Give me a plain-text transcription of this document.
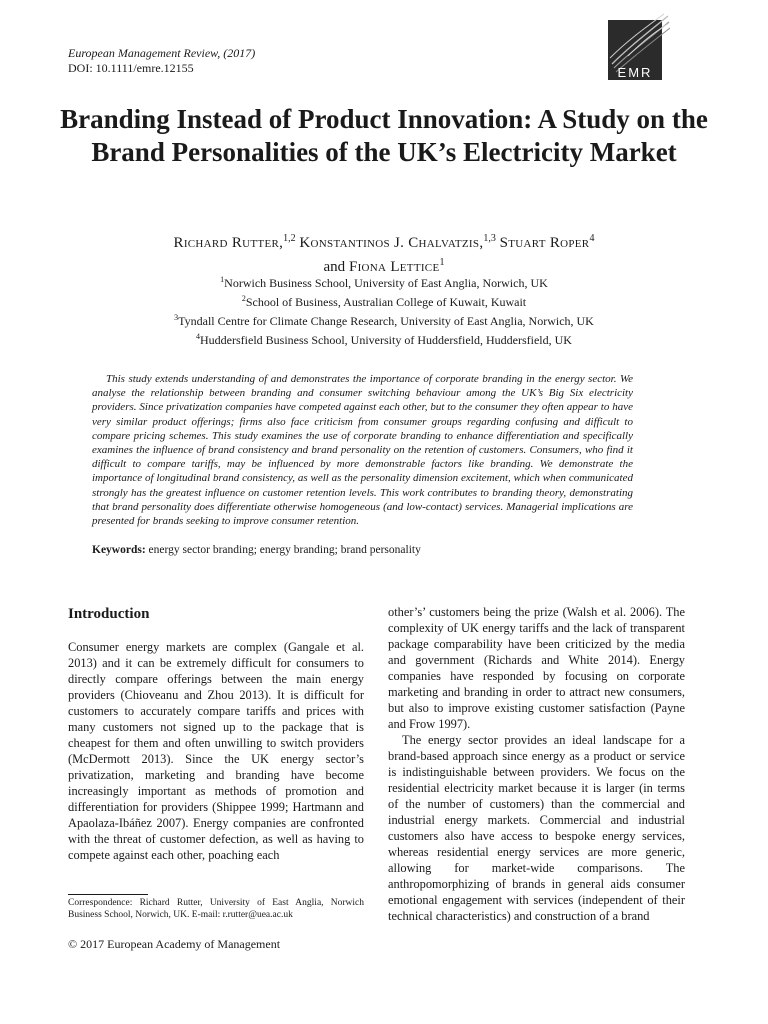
European Management Review, (2017)
DOI: 10.1111/emre.12155	EMR
Branding Instead of Product Innovation: A Study on the Brand Personalities of the UK’s Electricity Market
Richard Rutter,$^{1,2}$ Konstantinos J. Chalvatzis,$^{1,3}$ Stuart Roper$^4$
and Fiona Lettice$^1$
$^1$Norwich Business School, University of East Anglia, Norwich, UK
$^2$School of Business, Australian College of Kuwait, Kuwait
$^3$Tyndall Centre for Climate Change Research, University of East Anglia, Norwich, UK
$^4$Huddersfield Business School, University of Huddersfield, Huddersfield, UK

This study extends understanding of and demonstrates the importance of corporate branding in the energy sector. We analyse the relationship between branding and consumer switching behaviour among the UK’s Big Six electricity providers. Since privatization companies have competed against each other, but to the consumer they often appear to have very similar product offerings; firms also face criticism from consumer groups regarding confusing and difficult to compare pricing schemes. This study examines the use of corporate branding to enhance differentiation and specifically examines the influence of brand consistency and brand personality on the retention of customers. Consumers, who find it difficult to compare tariffs, may be influenced by more demonstrable factors like branding. We demonstrate the importance of longitudinal brand consistency, as well as the personality dimension excitement, which when communicated strongly has the greatest influence on customer retention levels. This work contributes to branding theory, demonstrating that brand personality does differentiate otherwise homogeneous (and low-contact) services. Managerial implications are presented for brands seeking to improve consumer retention.

Keywords: energy sector branding; energy branding; brand personality
Introduction

Consumer energy markets are complex (Gangale et al. 2013) and it can be extremely difficult for consumers to directly compare offerings between the main energy providers (Chioveanu and Zhou 2013). It is difficult for customers to accurately compare tariffs and prices with many customers not signed up to the package that is cheapest for them and often unwilling to switch providers (McDermott 2013). Since the UK energy sector’s privatization, marketing and branding have become increasingly important as methods of promotion and differentiation for providers (Shippee 1999; Hartmann and Apaolaza-Ibáñez 2007). Energy companies are confronted with the threat of customer defection, as well as having to compete against each other, poaching each

other’s’ customers being the prize (Walsh et al. 2006). The complexity of UK energy tariffs and the lack of transparent package comparability have been criticized by the media and government (Richards and White 2014). Energy companies have responded by focusing on corporate marketing and branding in order to attract new consumers, but also to improve existing customer satisfaction (Payne and Frow 1997).

The energy sector provides an ideal landscape for a brand-based approach since energy as a product or service is indistinguishable between providers. We focus on the residential electricity market because it is larger (in terms of the number of customers) than the commercial and industrial energy markets. Commercial and industrial customers also have access to bespoke energy services, whereas residential energy services are more generic, allowing for market-wide comparisons. The anthropomorphizing of brands in general aids consumer emotional engagement with services (independent of their technical characteristics) and construction of a brand

Correspondence: Richard Rutter, University of East Anglia, Norwich Business School, Norwich, UK. E-mail: r.rutter@uea.ac.uk
© 2017 European Academy of Management
